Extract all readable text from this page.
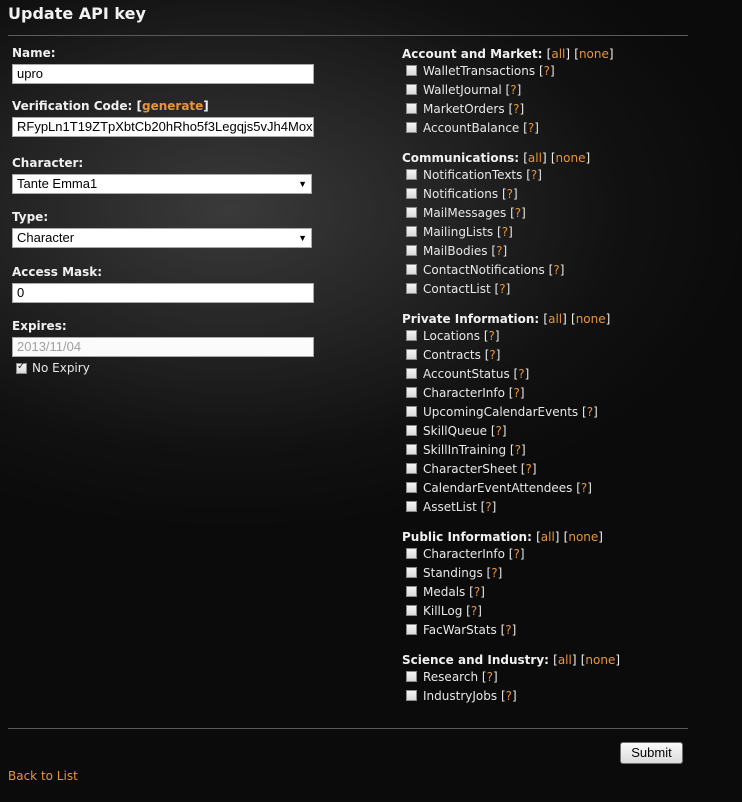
Update API key
Name:
upro
Verification Code: [generate]
RFypLn1T19ZTpXbtCb20hRho5f3Legqjs5vJh4Mox
Character:
Tante Emma1	▼
Type:
Character	▼
Access Mask:
0
Expires:
2013/11/04
✓No Expiry
Account and Market: [all] [none]
WalletTransactions [?]
WalletJournal [?]
MarketOrders [?]
AccountBalance [?]
Communications: [all] [none]
NotificationTexts [?]
Notifications [?]
MailMessages [?]
MailingLists [?]
MailBodies [?]
ContactNotifications [?]
ContactList [?]
Private Information: [all] [none]
Locations [?]
Contracts [?]
AccountStatus [?]
CharacterInfo [?]
UpcomingCalendarEvents [?]
SkillQueue [?]
SkillInTraining [?]
CharacterSheet [?]
CalendarEventAttendees [?]
AssetList [?]
Public Information: [all] [none]
CharacterInfo [?]
Standings [?]
Medals [?]
KillLog [?]
FacWarStats [?]
Science and Industry: [all] [none]
Research [?]
IndustryJobs [?]
Submit
Back to List
